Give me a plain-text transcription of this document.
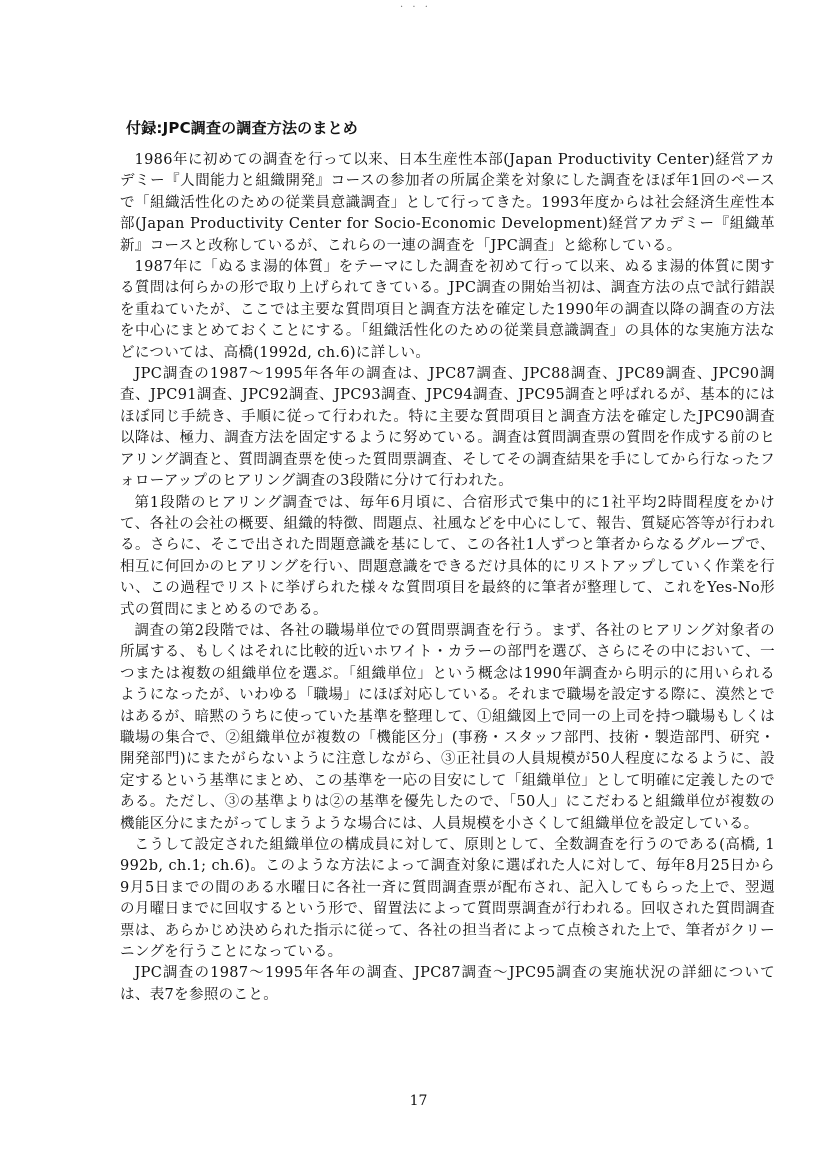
· · ·
付録:JPC調査の調査方法のまとめ

1986年に初めての調査を行って以来、日本生産性本部(Japan Productivity Center)経営アカデミー『人間能力と組織開発』コースの参加者の所属企業を対象にした調査をほぼ年1回のペースで「組織活性化のための従業員意識調査」として行ってきた。1993年度からは社会経済生産性本部(Japan Productivity Center for Socio-Economic Development)経営アカデミー『組織革新』コースと改称しているが、これらの一連の調査を「JPC調査」と総称している。

1987年に「ぬるま湯的体質」をテーマにした調査を初めて行って以来、ぬるま湯的体質に関する質問は何らかの形で取り上げられてきている。JPC調査の開始当初は、調査方法の点で試行錯誤を重ねていたが、ここでは主要な質問項目と調査方法を確定した1990年の調査以降の調査の方法を中心にまとめておくことにする。「組織活性化のための従業員意識調査」の具体的な実施方法などについては、高橋(1992d, ch.6)に詳しい。

JPC調査の1987〜1995年各年の調査は、JPC87調査、JPC88調査、JPC89調査、JPC90調査、JPC91調査、JPC92調査、JPC93調査、JPC94調査、JPC95調査と呼ばれるが、基本的にはほぼ同じ手続き、手順に従って行われた。特に主要な質問項目と調査方法を確定したJPC90調査以降は、極力、調査方法を固定するように努めている。調査は質問調査票の質問を作成する前のヒアリング調査と、質問調査票を使った質問票調査、そしてその調査結果を手にしてから行なったフォローアップのヒアリング調査の3段階に分けて行われた。

第1段階のヒアリング調査では、毎年6月頃に、合宿形式で集中的に1社平均2時間程度をかけて、各社の会社の概要、組織的特徴、問題点、社風などを中心にして、報告、質疑応答等が行われる。さらに、そこで出された問題意識を基にして、この各社1人ずつと筆者からなるグループで、相互に何回かのヒアリングを行い、問題意識をできるだけ具体的にリストアップしていく作業を行い、この過程でリストに挙げられた様々な質問項目を最終的に筆者が整理して、これをYes-No形式の質問にまとめるのである。

調査の第2段階では、各社の職場単位での質問票調査を行う。まず、各社のヒアリング対象者の所属する、もしくはそれに比較的近いホワイト・カラーの部門を選び、さらにその中において、一つまたは複数の組織単位を選ぶ。「組織単位」という概念は1990年調査から明示的に用いられるようになったが、いわゆる「職場」にほぼ対応している。それまで職場を設定する際に、漠然とではあるが、暗黙のうちに使っていた基準を整理して、①組織図上で同一の上司を持つ職場もしくは職場の集合で、②組織単位が複数の「機能区分」(事務・スタッフ部門、技術・製造部門、研究・開発部門)にまたがらないように注意しながら、③正社員の人員規模が50人程度になるように、設定するという基準にまとめ、この基準を一応の目安にして「組織単位」として明確に定義したのである。ただし、③の基準よりは②の基準を優先したので、「50人」にこだわると組織単位が複数の機能区分にまたがってしまうような場合には、人員規模を小さくして組織単位を設定している。

こうして設定された組織単位の構成員に対して、原則として、全数調査を行うのである(高橋, 1992b, ch.1; ch.6)。このような方法によって調査対象に選ばれた人に対して、毎年8月25日から9月5日までの間のある水曜日に各社一斉に質問調査票が配布され、記入してもらった上で、翌週の月曜日までに回収するという形で、留置法によって質問票調査が行われる。回収された質問調査票は、あらかじめ決められた指示に従って、各社の担当者によって点検された上で、筆者がクリーニングを行うことになっている。

JPC調査の1987〜1995年各年の調査、JPC87調査〜JPC95調査の実施状況の詳細については、表7を参照のこと。

17
